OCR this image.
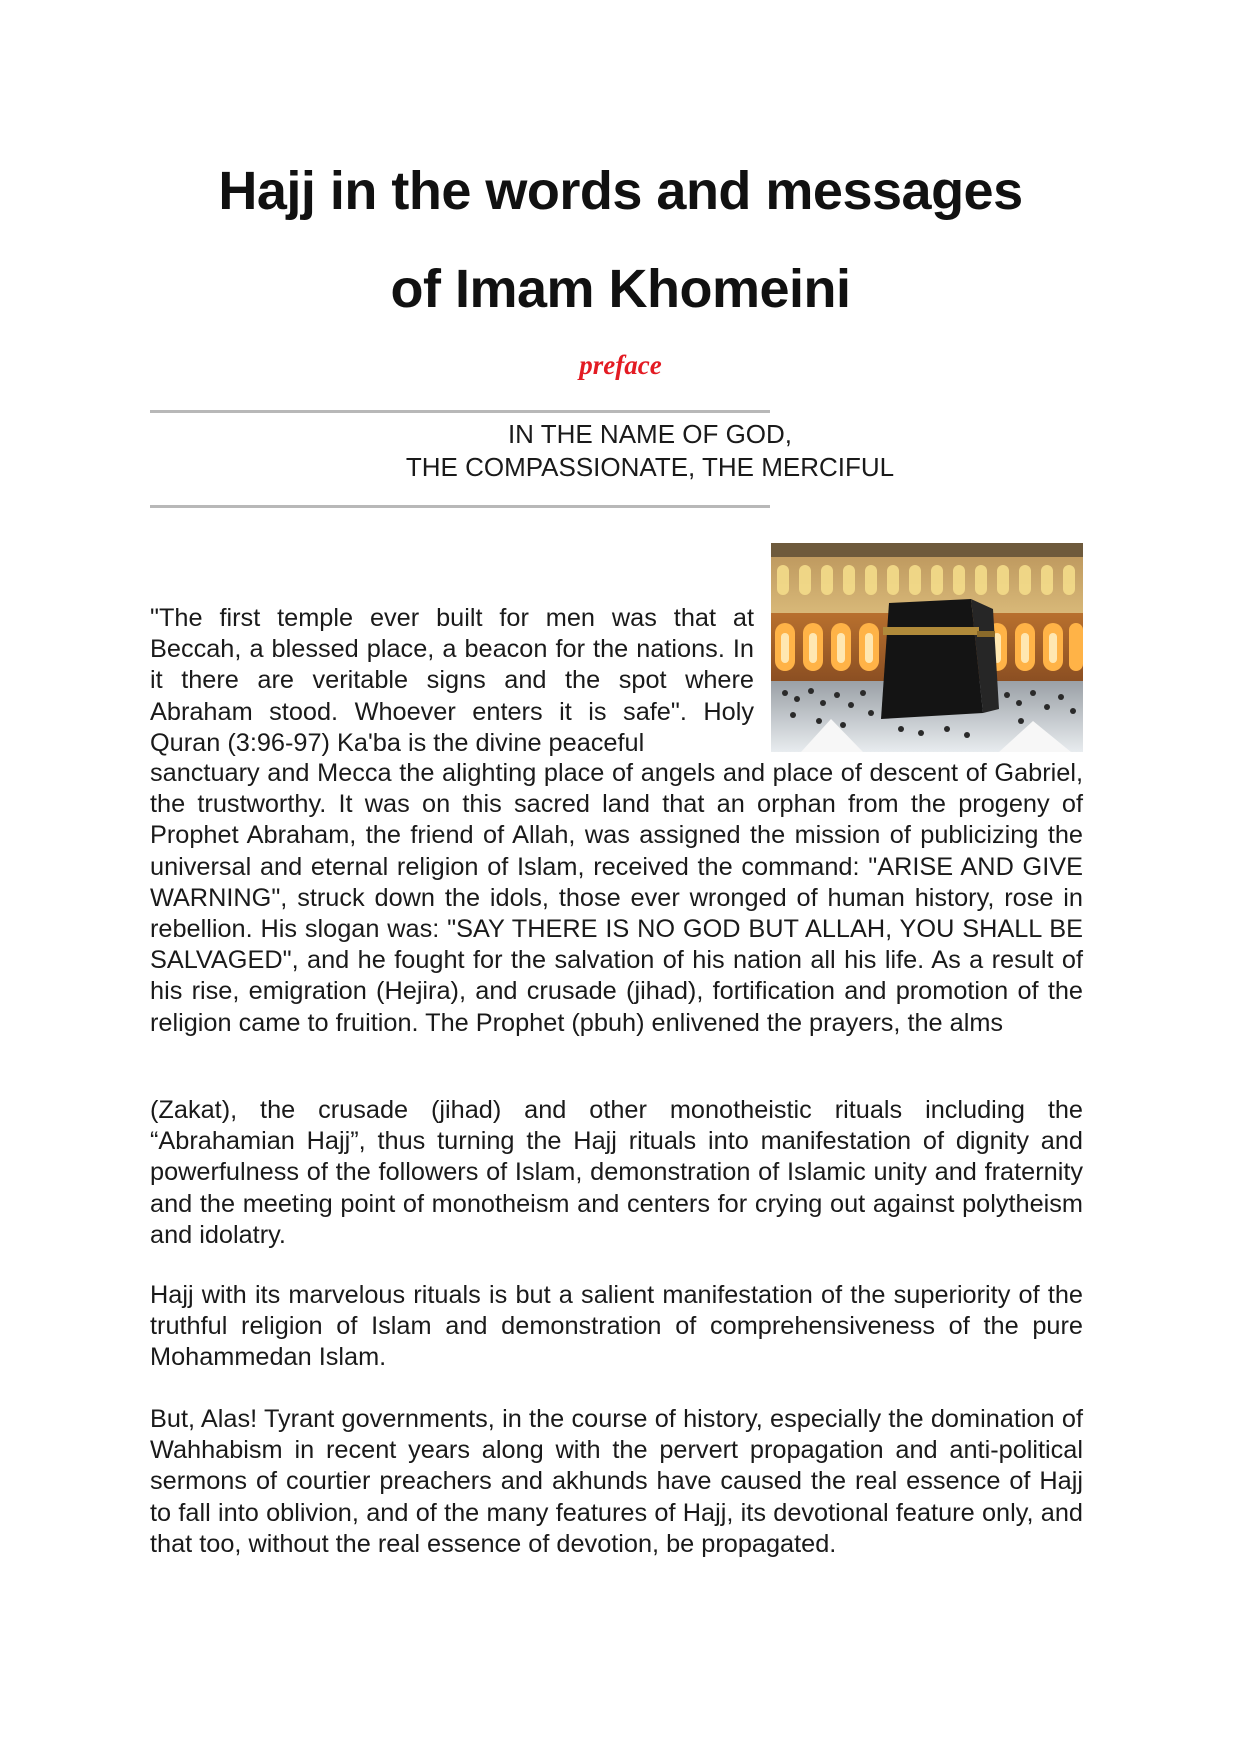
Hajj in the words and messages
of Imam Khomeini
preface
IN THE NAME OF GOD,
THE COMPASSIONATE, THE MERCIFUL

"The first temple ever built for men was that at Beccah, a blessed place, a beacon for the nations. In it there are veritable signs and the spot where Abraham stood. Whoever enters it is safe". Holy Quran (3:96-97) Ka'ba is the divine peaceful

sanctuary and Mecca the alighting place of angels and place of descent of Gabriel, the trustworthy. It was on this sacred land that an orphan from the progeny of Prophet Abraham, the friend of Allah, was assigned the mission of publicizing the universal and eternal religion of Islam, received the command: "ARISE AND GIVE WARNING", struck down the idols, those ever wronged of human history, rose in rebellion. His slogan was: "SAY THERE IS NO GOD BUT ALLAH, YOU SHALL BE SALVAGED", and he fought for the salvation of his nation all his life. As a result of his rise, emigration (Hejira), and crusade (jihad), fortification and promotion of the religion came to fruition. The Prophet (pbuh) enlivened the prayers, the alms

(Zakat), the crusade (jihad) and other monotheistic rituals including the “Abrahamian Hajj”, thus turning the Hajj rituals into manifestation of dignity and powerfulness of the followers of Islam, demonstration of Islamic unity and fraternity and the meeting point of monotheism and centers for crying out against polytheism and idolatry.

Hajj with its marvelous rituals is but a salient manifestation of the superiority of the truthful religion of Islam and demonstration of comprehensiveness of the pure Mohammedan Islam.

But, Alas! Tyrant governments, in the course of history, especially the domination of Wahhabism in recent years along with the pervert propagation and anti-political sermons of courtier preachers and akhunds have caused the real essence of Hajj to fall into oblivion, and of the many features of Hajj, its devotional feature only, and that too, without the real essence of devotion, be propagated.
